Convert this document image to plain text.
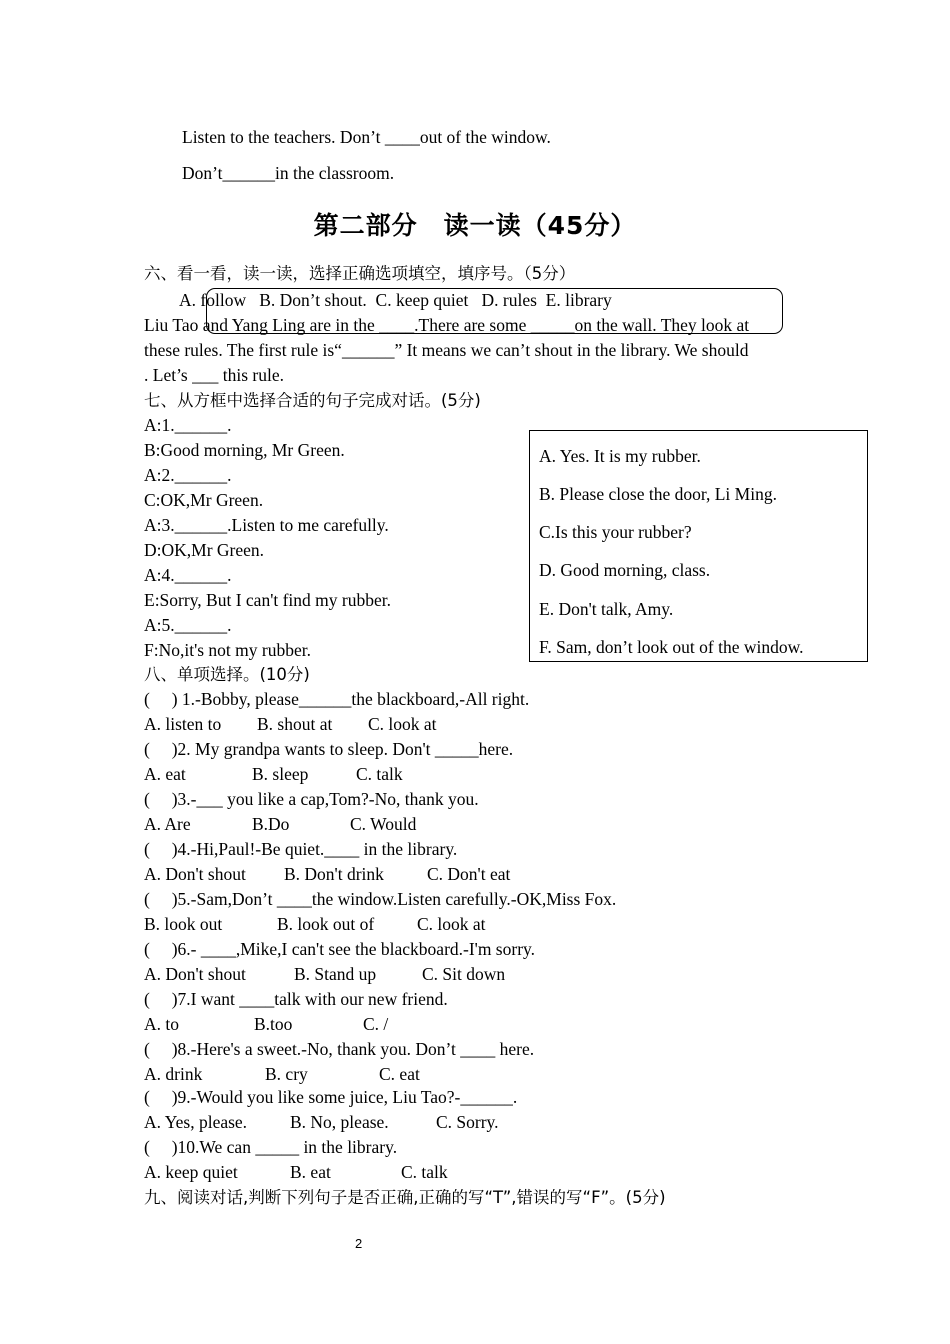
Listen to the teachers. Don’t ____out of the window.
Don’t______in the classroom.
第二部分　读一读（45分）
六、看一看，读一读，选择正确选项填空，填序号。（5分）
A. follow   B. Don’t shout.  C. keep quiet   D. rules  E. library
Liu Tao and Yang Ling are in the ____.There are some _____on the wall. They look at
these rules. The first rule is“______” It means we can’t shout in the library. We should
. Let’s ___ this rule.
七、从方框中选择合适的句子完成对话。(5分)
A:1.______.
B:Good morning, Mr Green.
A:2.______.
C:OK,Mr Green.
A:3.______.Listen to me carefully.
D:OK,Mr Green.
A:4.______.
E:Sorry, But I can't find my rubber.
A:5.______.
F:No,it's not my rubber.
A. Yes. It is my rubber.
B. Please close the door, Li Ming.
C.Is this your rubber?
D. Good morning, class.
E. Don't talk, Amy.
F. Sam, don’t look out of the window.
八、单项选择。(10分)
(     ) 1.-Bobby, please______the blackboard,-All right.
A. listen to B. shout at C. look at
(     )2. My grandpa wants to sleep. Don't _____here.
A. eat	B. sleep	C. talk
(     )3.-___ you like a cap,Tom?-No, thank you.
A. Are	B.Do	C. Would
(     )4.-Hi,Paul!-Be quiet.____ in the library.
A. Don't shout B. Don't drink C. Don't eat
(     )5.-Sam,Don’t ____the window.Listen carefully.-OK,Miss Fox.
B. look out	B. look out of C. look at
(     )6.- ____,Mike,I can't see the blackboard.-I'm sorry.
A. Don't shout	B. Stand up	C. Sit down
(     )7.I want ____talk with our new friend.
A. to	B.too	C. /
(     )8.-Here's a sweet.-No, thank you. Don’t ____ here.
A. drink	B. cry	C. eat
(     )9.-Would you like some juice, Liu Tao?-______.
A. Yes, please. B. No, please.	C. Sorry.
(     )10.We can _____ in the library.
A. keep quiet	B. eat	C. talk
九、阅读对话,判断下列句子是否正确,正确的写“T”,错误的写“F”。(5分)
2
